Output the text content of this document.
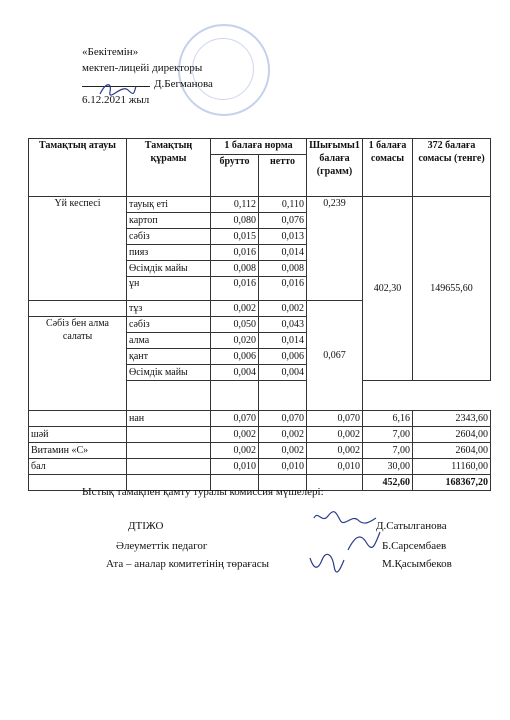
«Бекітемін»
мектеп-лицейі директоры
Д.Бегманова
6.12.2021 жыл
Тамақтың атауы	Тамақтың құрамы	1 балаға норма		Шығымы1 балаға (грамм)	1 балаға сомасы	372 балаға сомасы (тенге)
		брутто	нетто			
Үй кеспесі	тауық еті	0,112	0,110	0,239	402,30	149655,60
	картоп	0,080	0,076			
	сәбіз	0,015	0,013			
	пияз	0,016	0,014			
	Өсімдік майы	0,008	0,008			
	ұн	0,016	0,016			
	тұз	0,002	0,002	0,067		
Сәбіз бен алма салаты	сәбіз	0,050	0,043			
	алма	0,020	0,014			
	қант	0,006	0,006			
	Өсімдік майы	0,004	0,004			

	нан	0,070	0,070	0,070	6,16	2343,60
шәй		0,002	0,002	0,002	7,00	2604,00
Витамин «С»		0,002	0,002	0,002	7,00	2604,00
бал		0,010	0,010	0,010	30,00	11160,00
					452,60	168367,20
Ыстық тамақпен қамту туралы комиссия мүшелері:
ДТІЖО	Д.Сатылганова
Әлеуметтік педагог	Б.Сарсембаев
Ата – аналар комитетінің төрағасы	М.Қасымбеков
